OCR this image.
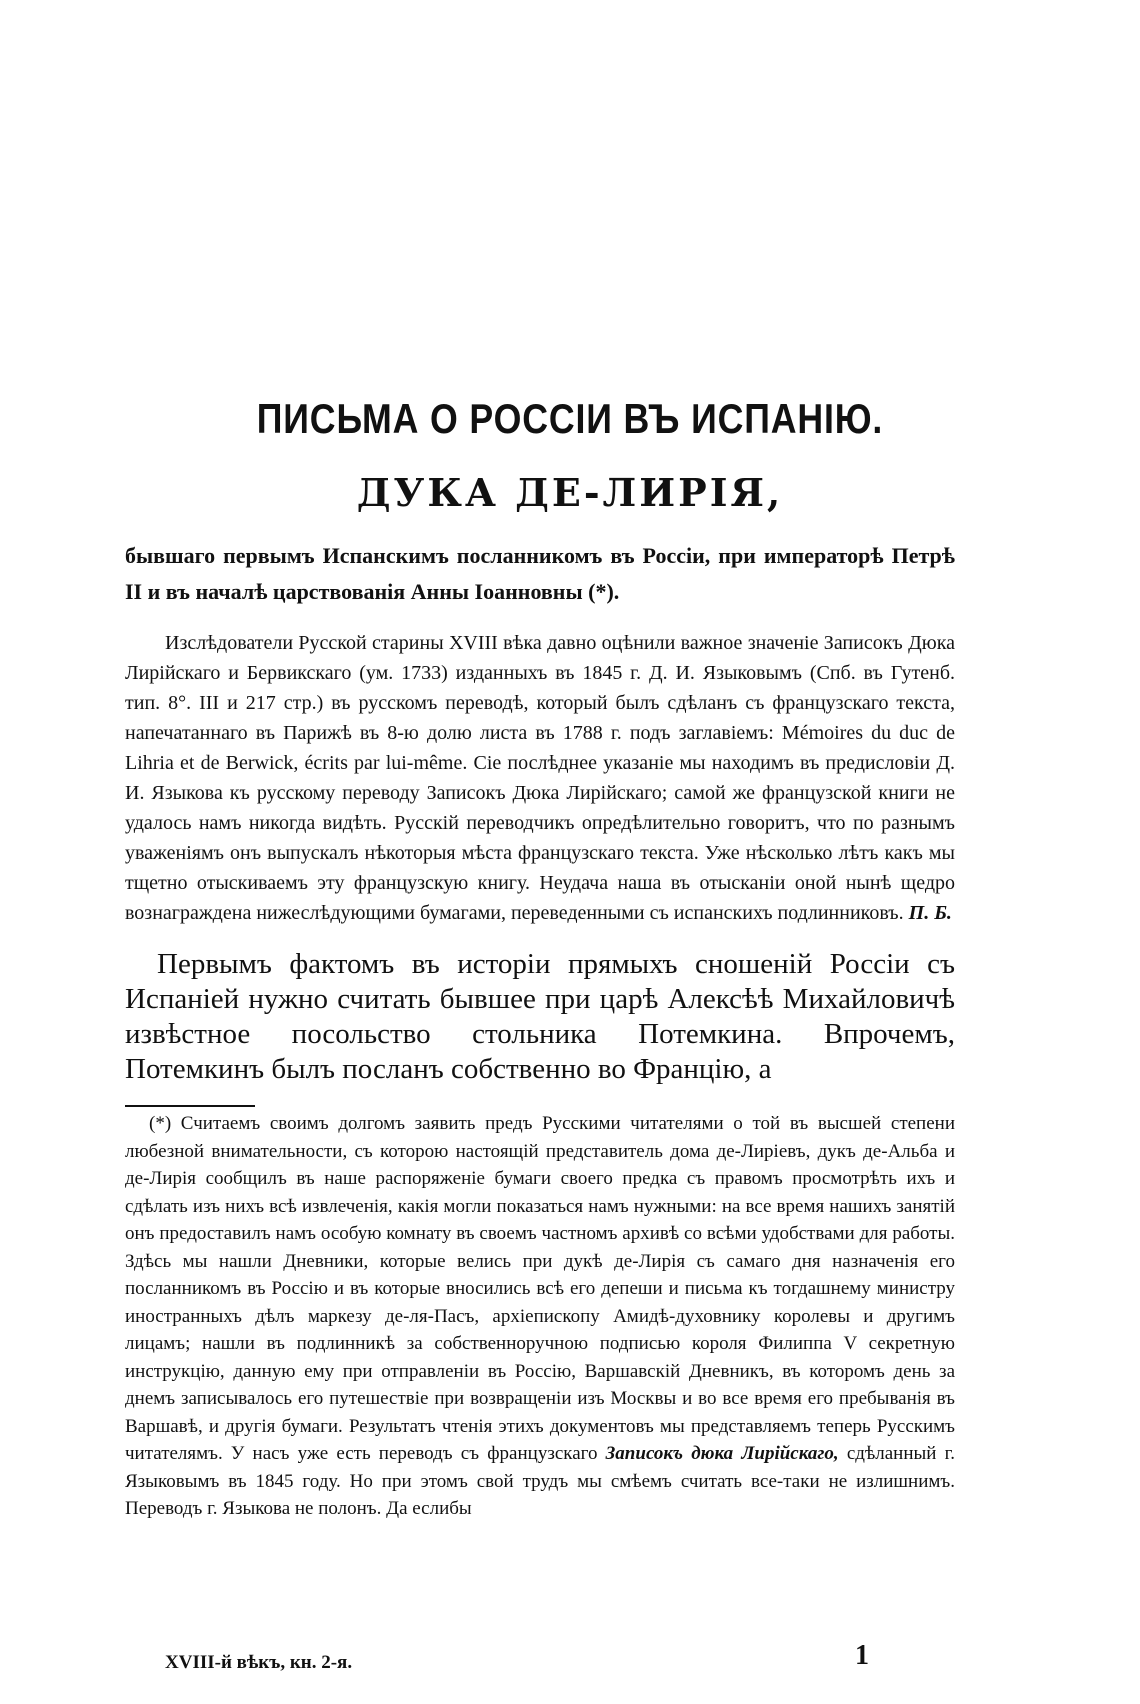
ПИСЬМА О РОССІИ ВЪ ИСПАНІЮ.
ДУКА ДЕ-ЛИРІЯ,
бывшаго первымъ Испанскимъ посланникомъ въ Россіи, при императорѣ Петрѣ II и въ началѣ царствованія Анны Іоанновны (*).
Изслѣдователи Русской старины XVIII вѣка давно оцѣнили важное значеніе Записокъ Дюка Лирійскаго и Бервикскаго (ум. 1733) изданныхъ въ 1845 г. Д. И. Языковымъ (Спб. въ Гутенб. тип. 8°. III и 217 стр.) въ русскомъ переводѣ, который былъ сдѣланъ съ французскаго текста, напечатаннаго въ Парижѣ въ 8-ю долю листа въ 1788 г. подъ заглавіемъ: Mémoires du duc de Lihria et de Berwick, écrits par lui-même. Сіе послѣднее указаніе мы находимъ въ предисловіи Д. И. Языкова къ русскому переводу Записокъ Дюка Лирійскаго; самой же французской книги не удалось намъ никогда видѣть. Русскій переводчикъ опредѣлительно говоритъ, что по разнымъ уваженіямъ онъ выпускалъ нѣкоторыя мѣста французскаго текста. Уже нѣсколько лѣтъ какъ мы тщетно отыскиваемъ эту французскую книгу. Неудача наша въ отысканіи оной нынѣ щедро вознаграждена нижеслѣдующими бумагами, переведенными съ испанскихъ подлинниковъ. П. Б.
Первымъ фактомъ въ исторіи прямыхъ сношеній Россіи съ Испаніей нужно считать бывшее при царѣ Алексѣѣ Михайловичѣ извѣстное посольство стольника Потемкина. Впрочемъ, Потемкинъ былъ посланъ собственно во Францію, а
(*) Считаемъ своимъ долгомъ заявить предъ Русскими читателями о той въ высшей степени любезной внимательности, съ которою настоящій представитель дома де-Лиріевъ, дукъ де-Альба и де-Лирія сообщилъ въ наше распоряженіе бумаги своего предка съ правомъ просмотрѣть ихъ и сдѣлать изъ нихъ всѣ извлеченія, какія могли показаться намъ нужными: на все время нашихъ занятій онъ предоставилъ намъ особую комнату въ своемъ частномъ архивѣ со всѣми удобствами для работы. Здѣсь мы нашли Дневники, которые велись при дукѣ де-Лирія съ самаго дня назначенія его посланникомъ въ Россію и въ которые вносились всѣ его депеши и письма къ тогдашнему министру иностранныхъ дѣлъ маркезу де-ля-Пасъ, архіепископу Амидѣ-духовнику королевы и другимъ лицамъ; нашли въ подлинникѣ за собственноручною подписью короля Филиппа V секретную инструкцію, данную ему при отправленіи въ Россію, Варшавскій Дневникъ, въ которомъ день за днемъ записывалось его путешествіе при возвращеніи изъ Москвы и во все время его пребыванія въ Варшавѣ, и другія бумаги. Результатъ чтенія этихъ документовъ мы представляемъ теперь Русскимъ читателямъ. У насъ уже есть переводъ съ французскаго Записокъ дюка Лирійскаго, сдѣланный г. Языковымъ въ 1845 году. Но при этомъ свой трудъ мы смѣемъ считать все-таки не излишнимъ. Переводъ г. Языкова не полонъ. Да еслибы
XVIII-й вѣкъ, кн. 2-я.	1
